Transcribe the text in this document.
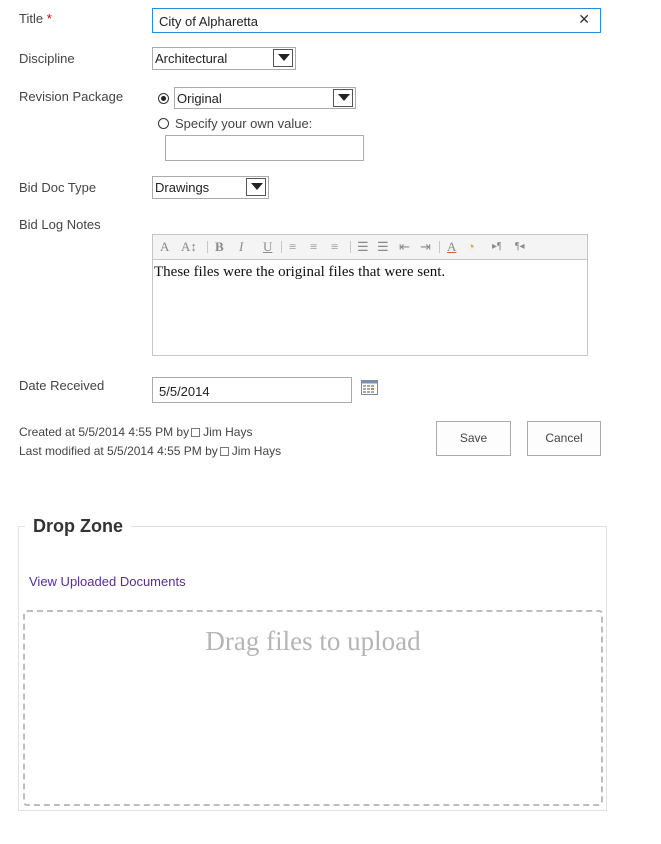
Title *	City of Alpharetta	✕
Discipline	Architectural
Revision Package	Original
Specify your own value:
Bid Doc Type	Drawings
Bid Log Notes
A A↕ B I U ≡ ≡ ≡ ☰ ☰ ⇤ ⇥ A ◔ ▸¶ ¶◂
These files were the original files that were sent.
Date Received	5/5/2014
Created at 5/5/2014 4:55 PM by Jim Hays
Last modified at 5/5/2014 4:55 PM by Jim Hays
Save	Cancel
Drop Zone
View Uploaded Documents
Drag files to upload
